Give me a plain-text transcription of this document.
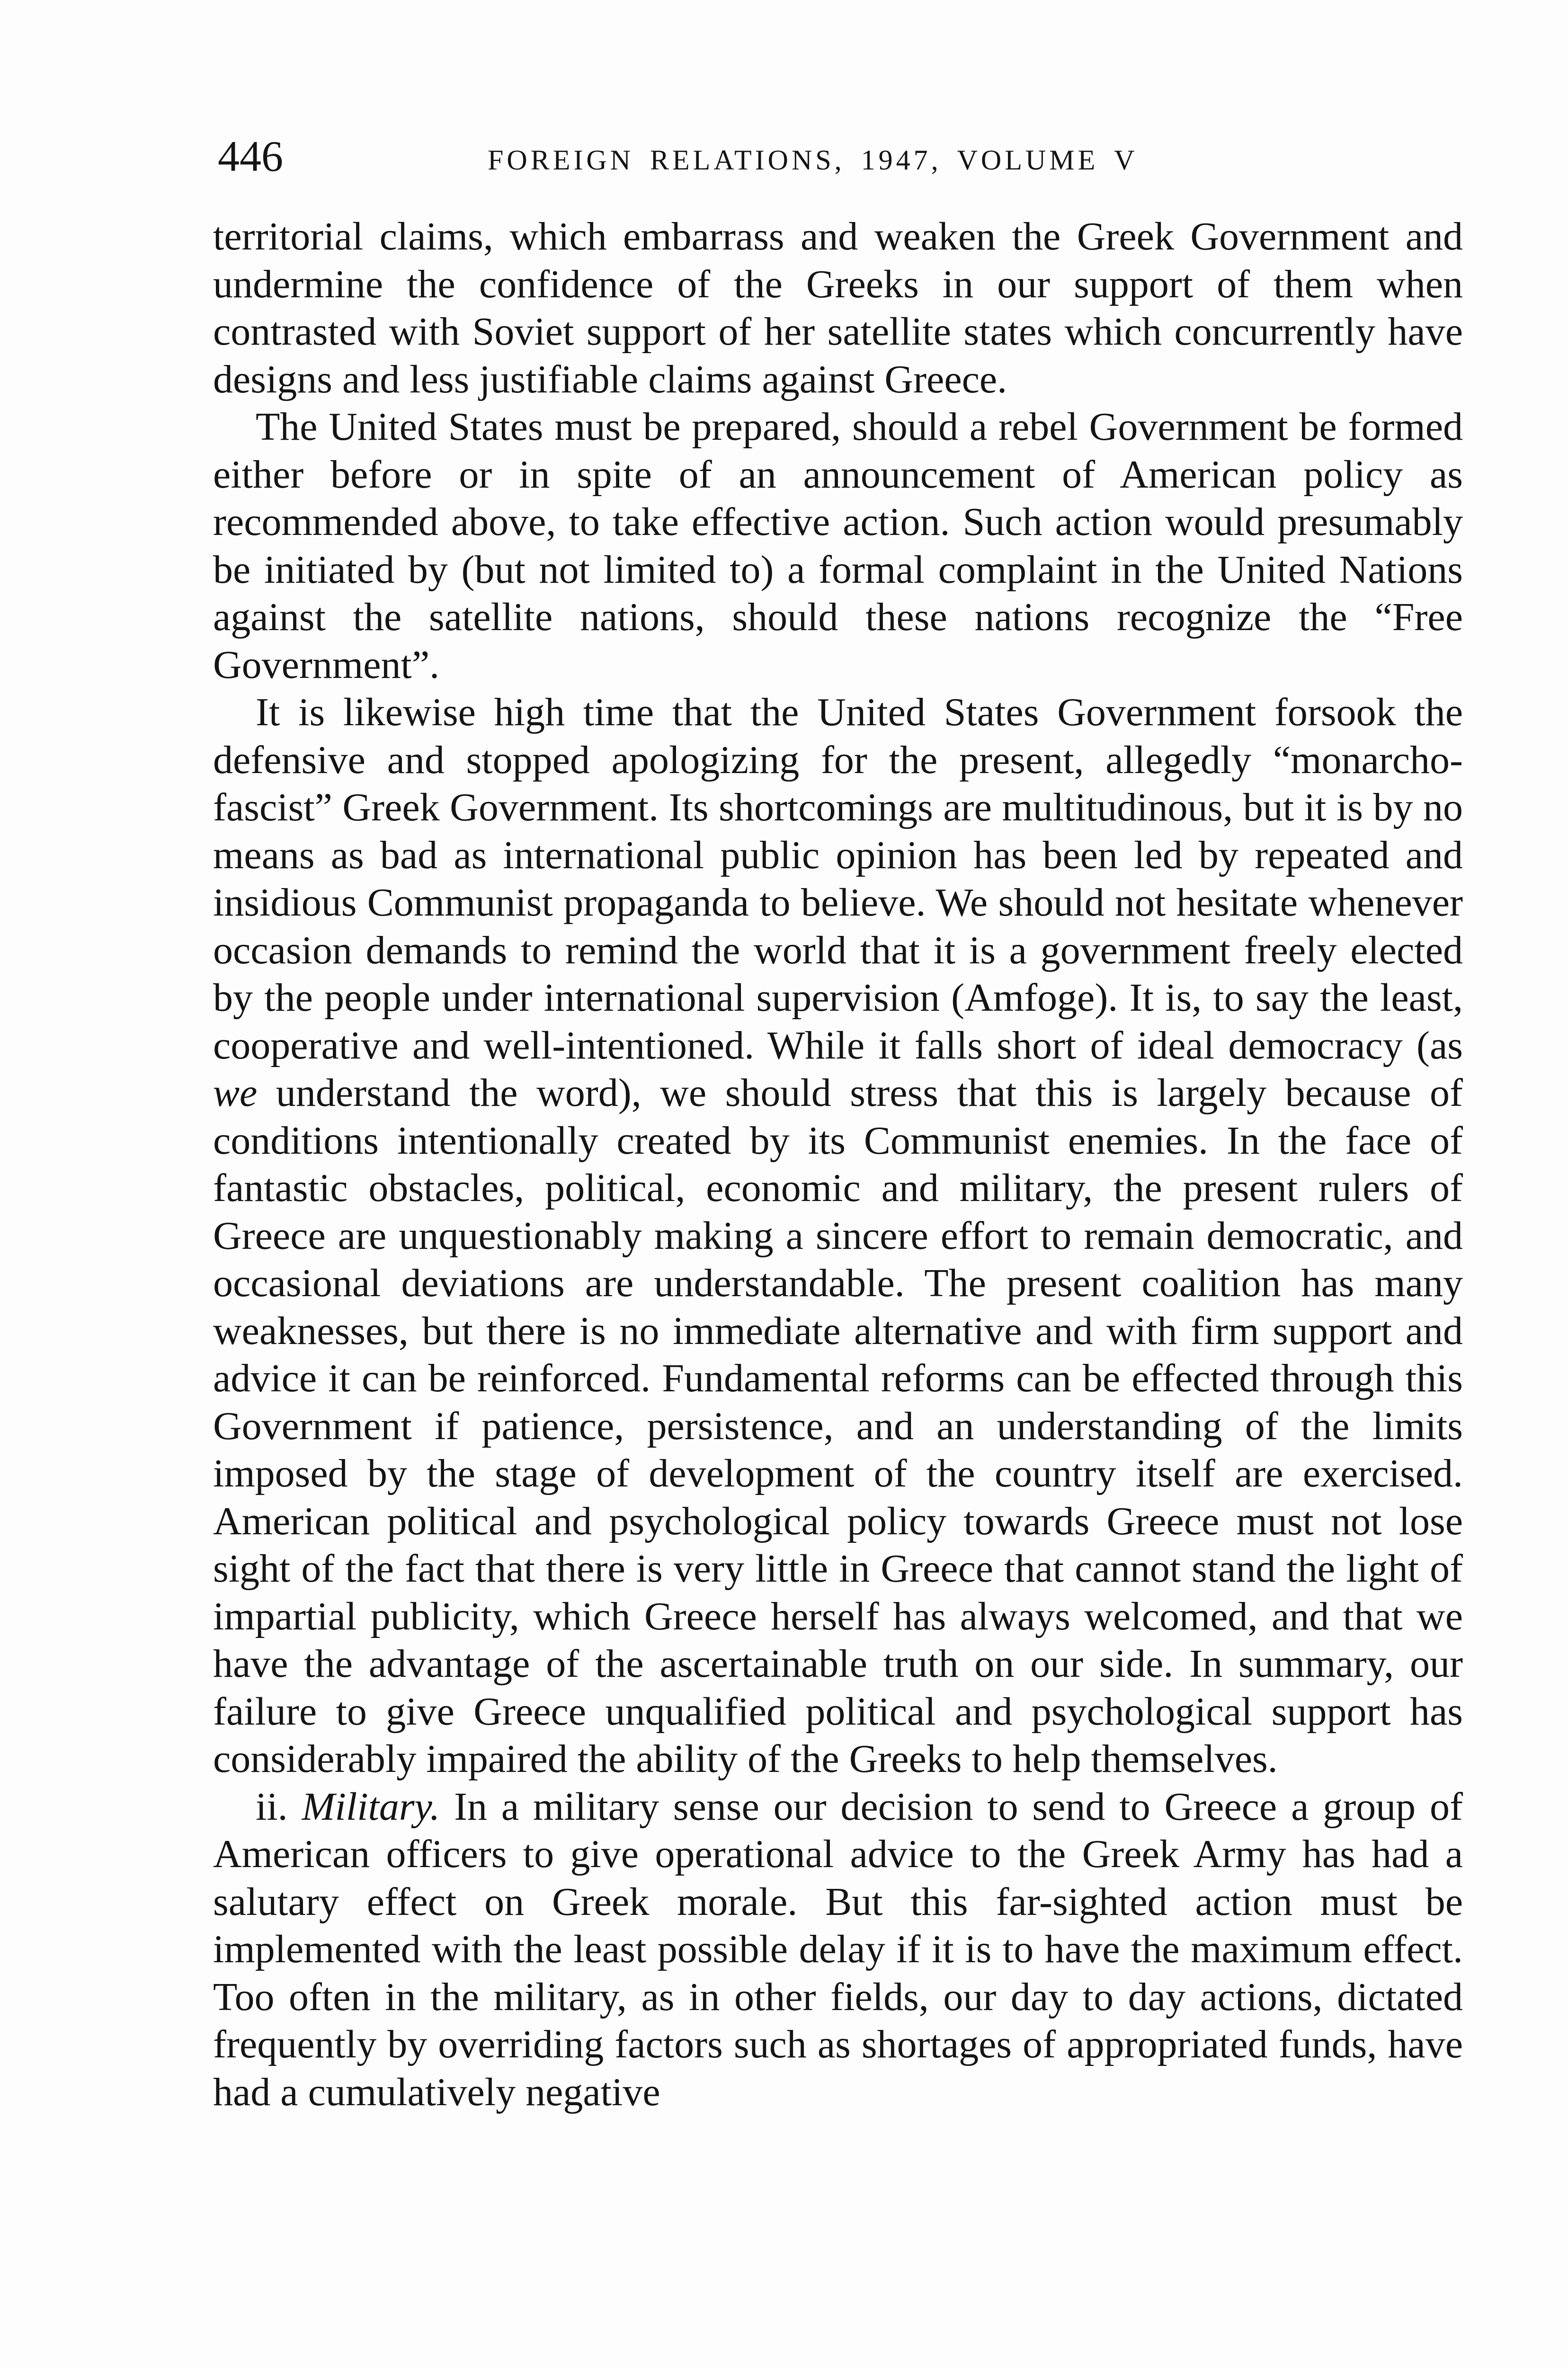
446	FOREIGN RELATIONS, 1947, VOLUME V

territorial claims, which embarrass and weaken the Greek Government and undermine the confidence of the Greeks in our support of them when contrasted with Soviet support of her satellite states which concurrently have designs and less justifiable claims against Greece.

The United States must be prepared, should a rebel Government be formed either before or in spite of an announcement of American policy as recommended above, to take effective action. Such action would presumably be initiated by (but not limited to) a formal complaint in the United Nations against the satellite nations, should these nations recognize the “Free Government”.

It is likewise high time that the United States Government forsook the defensive and stopped apologizing for the present, allegedly “monarcho-fascist” Greek Government. Its shortcomings are multitudinous, but it is by no means as bad as international public opinion has been led by repeated and insidious Communist propaganda to believe. We should not hesitate whenever occasion demands to remind the world that it is a government freely elected by the people under international supervision (Amfoge). It is, to say the least, cooperative and well-intentioned. While it falls short of ideal democracy (as we understand the word), we should stress that this is largely because of conditions intentionally created by its Communist enemies. In the face of fantastic obstacles, political, economic and military, the present rulers of Greece are unquestionably making a sincere effort to remain democratic, and occasional deviations are understandable. The present coalition has many weaknesses, but there is no immediate alternative and with firm support and advice it can be reinforced. Fundamental reforms can be effected through this Government if patience, persistence, and an understanding of the limits imposed by the stage of development of the country itself are exercised. American political and psychological policy towards Greece must not lose sight of the fact that there is very little in Greece that cannot stand the light of impartial publicity, which Greece herself has always welcomed, and that we have the advantage of the ascertainable truth on our side. In summary, our failure to give Greece unqualified political and psychological support has considerably impaired the ability of the Greeks to help themselves.

ii. Military. In a military sense our decision to send to Greece a group of American officers to give operational advice to the Greek Army has had a salutary effect on Greek morale. But this far-sighted action must be implemented with the least possible delay if it is to have the maximum effect. Too often in the military, as in other fields, our day to day actions, dictated frequently by overriding factors such as shortages of appropriated funds, have had a cumulatively negative
